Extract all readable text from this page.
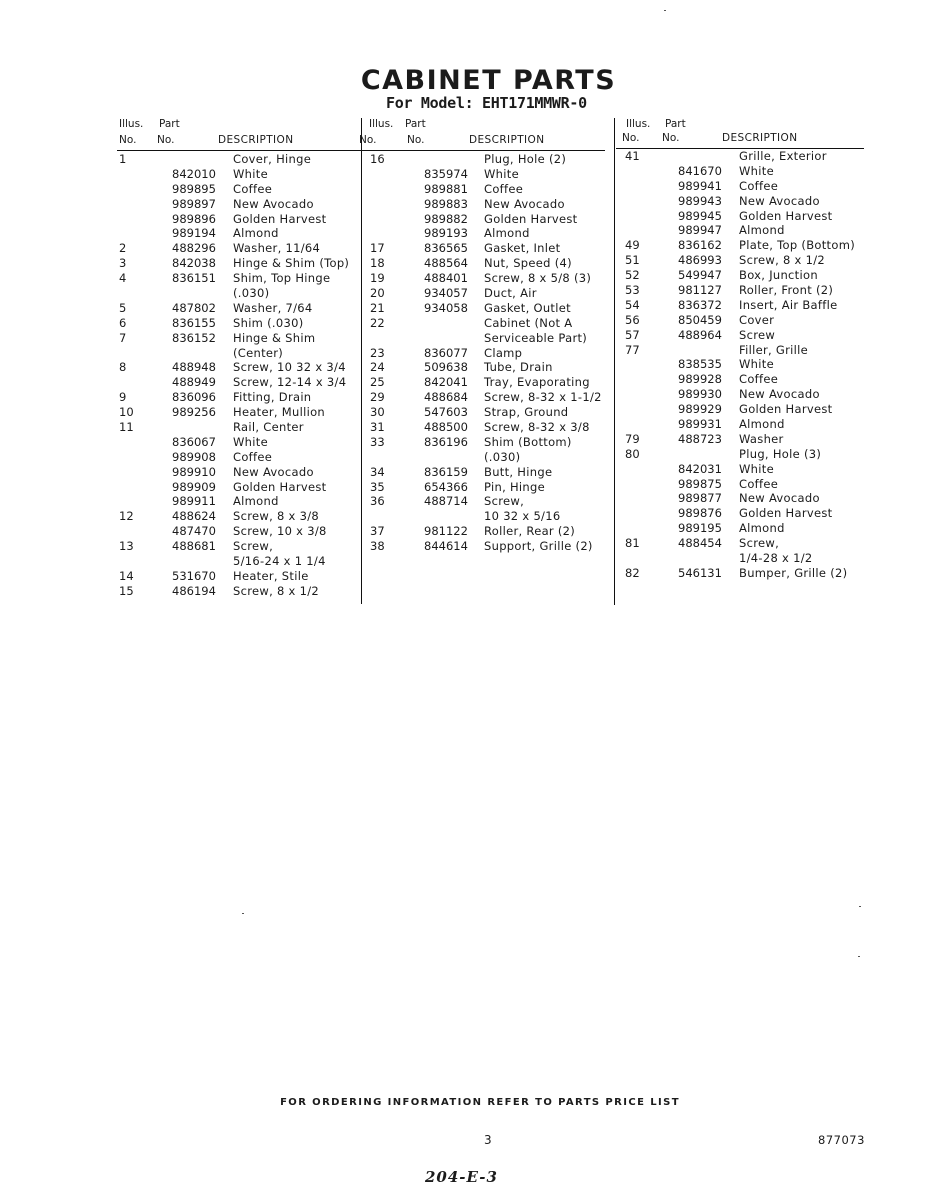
CABINET PARTS
For Model: EHT171MMWR-0
Illus. Part
No. No.	DESCRIPTION
1	Cover, Hinge
842010 White
989895 Coffee
989897 New Avocado
989896 Golden Harvest
989194 Almond
2	488296 Washer, 11/64
3	842038 Hinge & Shim (Top)
4	836151 Shim, Top Hinge
(.030)
5	487802 Washer, 7/64
6	836155 Shim (.030)
7	836152 Hinge & Shim
(Center)
8	488948 Screw, 10 32 x 3/4
488949 Screw, 12-14 x 3/4
9	836096 Fitting, Drain
10	989256 Heater, Mullion
11	Rail, Center
836067 White
989908 Coffee
989910 New Avocado
989909 Golden Harvest
989911 Almond
12	488624 Screw, 8 x 3/8
487470 Screw, 10 x 3/8
13	488681 Screw,
5/16-24 x 1 1/4
14	531670 Heater, Stile
15	486194 Screw, 8 x 1/2
Illus. Part
No.	No.	DESCRIPTION
16	Plug, Hole (2)
835974 White
989881 Coffee
989883 New Avocado
989882 Golden Harvest
989193 Almond
17	836565 Gasket, Inlet
18	488564 Nut, Speed (4)
19	488401 Screw, 8 x 5/8 (3)
20	934057 Duct, Air
21	934058 Gasket, Outlet
22	Cabinet (Not A
Serviceable Part)
23	836077 Clamp
24	509638 Tube, Drain
25	842041 Tray, Evaporating
29	488684 Screw, 8-32 x 1-1/2
30	547603 Strap, Ground
31	488500 Screw, 8-32 x 3/8
33	836196 Shim (Bottom)
(.030)
34	836159 Butt, Hinge
35	654366 Pin, Hinge
36	488714 Screw,
10 32 x 5/16
37	981122 Roller, Rear (2)
38	844614 Support, Grille (2)
Illus. Part
No. No.	DESCRIPTION
41	Grille, Exterior
841670 White
989941 Coffee
989943 New Avocado
989945 Golden Harvest
989947 Almond
49	836162 Plate, Top (Bottom)
51	486993 Screw, 8 x 1/2
52	549947 Box, Junction
53	981127 Roller, Front (2)
54	836372 Insert, Air Baffle
56	850459 Cover
57	488964 Screw
77	Filler, Grille
838535 White
989928 Coffee
989930 New Avocado
989929 Golden Harvest
989931 Almond
79	488723 Washer
80	Plug, Hole (3)
842031 White
989875 Coffee
989877 New Avocado
989876 Golden Harvest
989195 Almond
81	488454 Screw,
1/4-28 x 1/2
82	546131 Bumper, Grille (2)
FOR ORDERING INFORMATION REFER TO PARTS PRICE LIST
3	877073
204-E-3
